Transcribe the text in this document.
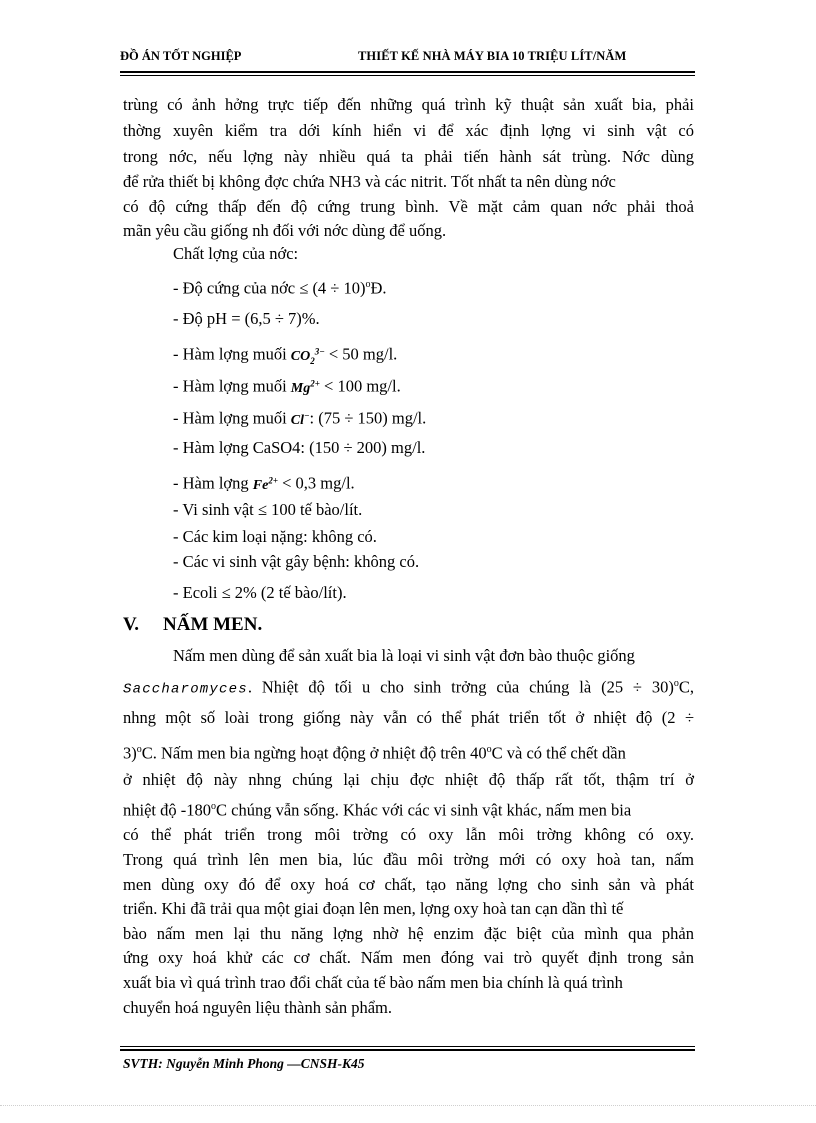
ĐỒ ÁN TỐT NGHIỆP	THIẾT KẾ NHÀ MÁY BIA 10 TRIỆU LÍT/NĂM
trùng có ảnh hởng trực tiếp đến những quá trình kỹ thuật sản xuất bia, phải
thờng xuyên kiểm tra dới kính hiển vi để xác định lợng vi sinh vật có
trong nớc, nếu lợng này nhiều quá ta phải tiến hành sát trùng. Nớc dùng
để rửa thiết bị không đợc chứa NH3 và các nitrit. Tốt nhất ta nên dùng nớc
có độ cứng thấp đến độ cứng trung bình. Về mặt cảm quan nớc phải thoả
mãn yêu cầu giống nh đối với nớc dùng để uống.
Chất lợng của nớc:
- Độ cứng của nớc ≤ $(4 \div 10)^oĐ$.
- Độ pH = (6,5 ÷ 7)%.
- Hàm lợng muối $CO_2^{3-} < 50$ mg/l.
- Hàm lợng muối $Mg^{2+} < 100$ mg/l.
- Hàm lợng muối Cl−: (75 ÷ 150) mg/l.
- Hàm lợng CaSO4: (150 ÷ 200) mg/l.
- Hàm lợng $Fe^{2+} < 0,3$ mg/l.
- Vi sinh vật ≤ 100 tế bào/lít.
- Các kim loại nặng: không có.
- Các vi sinh vật gây bệnh: không có.
- Ecoli ≤ 2% (2 tế bào/lít).
V. NẤM MEN.
Nấm men dùng để sản xuất bia là loại vi sinh vật đơn bào thuộc giống
Saccharomyces. Nhiệt độ tối u cho sinh trởng của chúng là $(25 \div 30)^oC$,
nhng một số loài trong giống này vẫn có thể phát triển tốt ở nhiệt độ (2 ÷
3)$^o$C. Nấm men bia ngừng hoạt động ở nhiệt độ trên 40$^o$C và có thể chết dần
ở nhiệt độ này nhng chúng lại chịu đợc nhiệt độ thấp rất tốt, thậm trí ở
nhiệt độ -180$^o$C chúng vẫn sống. Khác với các vi sinh vật khác, nấm men bia
có thể phát triển trong môi trờng có oxy lẫn môi trờng không có oxy.
Trong quá trình lên men bia, lúc đầu môi trờng mới có oxy hoà tan, nấm
men dùng oxy đó để oxy hoá cơ chất, tạo năng lợng cho sinh sản và phát
triển. Khi đã trải qua một giai đoạn lên men, lợng oxy hoà tan cạn dần thì tế
bào nấm men lại thu năng lợng nhờ hệ enzim đặc biệt của mình qua phản
ứng oxy hoá khử các cơ chất. Nấm men đóng vai trò quyết định trong sản
xuất bia vì quá trình trao đổi chất của tế bào nấm men bia chính là quá trình
chuyển hoá nguyên liệu thành sản phẩm.
SVTH: Nguyễn Minh Phong —CNSH-K45
